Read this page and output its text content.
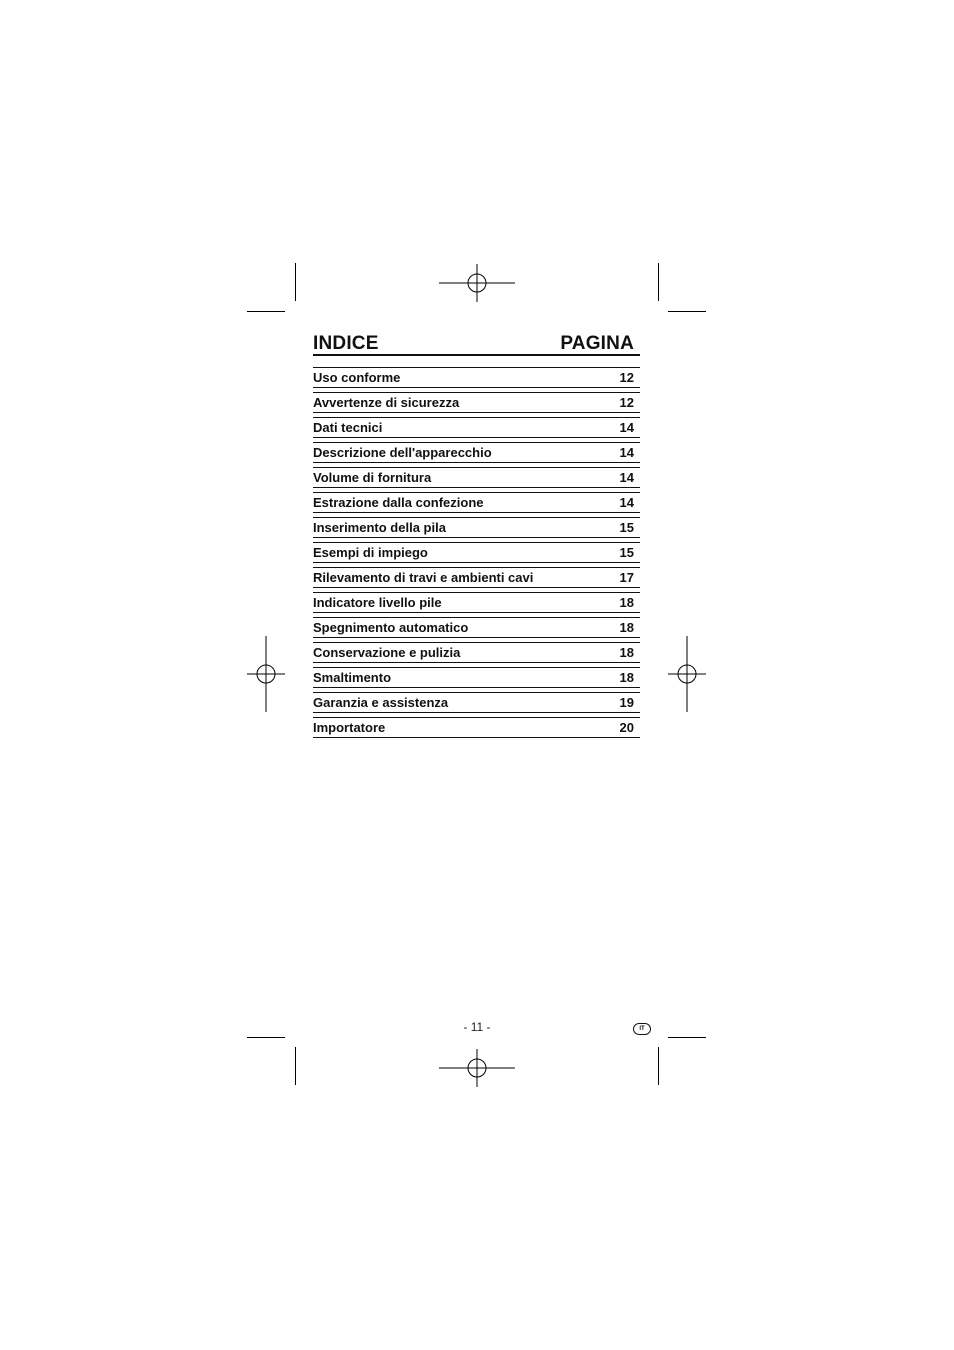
INDICE	PAGINA
Uso conforme	12
Avvertenze di sicurezza	12
Dati tecnici	14
Descrizione dell'apparecchio	14
Volume di fornitura	14
Estrazione dalla confezione	14
Inserimento della pila	15
Esempi di impiego	15
Rilevamento di travi e ambienti cavi	17
Indicatore livello pile	18
Spegnimento automatico	18
Conservazione e pulizia	18
Smaltimento	18
Garanzia e assistenza	19
Importatore	20
- 11 -	IT
